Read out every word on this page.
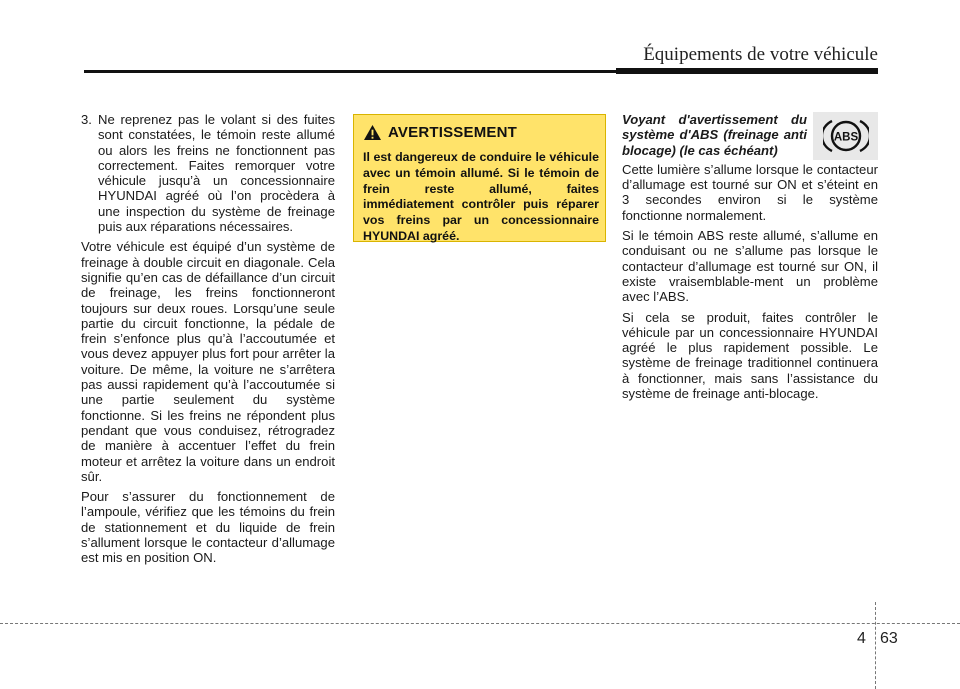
Équipements de votre véhicule
3. Ne reprenez pas le volant si des fuites sont constatées, le témoin reste allumé ou alors les freins ne fonctionnent pas correctement. Faites remorquer votre véhicule jusqu’à un concessionnaire HYUNDAI agréé où l’on procèdera à une inspection du système de freinage puis aux réparations nécessaires.

Votre véhicule est équipé d’un système de freinage à double circuit en diagonale. Cela signifie qu’en cas de défaillance d’un circuit de freinage, les freins fonctionneront toujours sur deux roues. Lorsqu’une seule partie du circuit fonctionne, la pédale de frein s’enfonce plus qu’à l’accoutumée et vous devez appuyer plus fort pour arrêter la voiture. De même, la voiture ne s’arrêtera pas aussi rapidement qu’à l’accoutumée si une partie seulement du système fonctionne. Si les freins ne répondent plus pendant que vous conduisez, rétrogradez de manière à accentuer l’effet du frein moteur et arrêtez la voiture dans un endroit sûr.

Pour s’assurer du fonctionnement de l’ampoule, vérifiez que les témoins du frein de stationnement et du liquide de frein s’allument lorsque le contacteur d’allumage est mis en position ON.

AVERTISSEMENT
Il est dangereux de conduire le véhicule avec un témoin allumé. Si le témoin de frein reste allumé, faites immédiatement contrôler puis réparer vos freins par un concessionnaire HYUNDAI agréé.
Voyant d'avertissement du système d'ABS (freinage anti blocage) (le cas échéant)
ABS

Cette lumière s’allume lorsque le contacteur d’allumage est tourné sur ON et s’éteint en 3 secondes environ si le système fonctionne normalement.

Si le témoin ABS reste allumé, s’allume en conduisant ou ne s’allume pas lorsque le contacteur d’allumage est tourné sur ON, il existe vraisemblable-ment un problème avec l’ABS.

Si cela se produit, faites contrôler le véhicule par un concessionnaire HYUNDAI agréé le plus rapidement possible. Le système de freinage traditionnel continuera à fonctionner, mais sans l’assistance du système de freinage anti-blocage.

4 63
